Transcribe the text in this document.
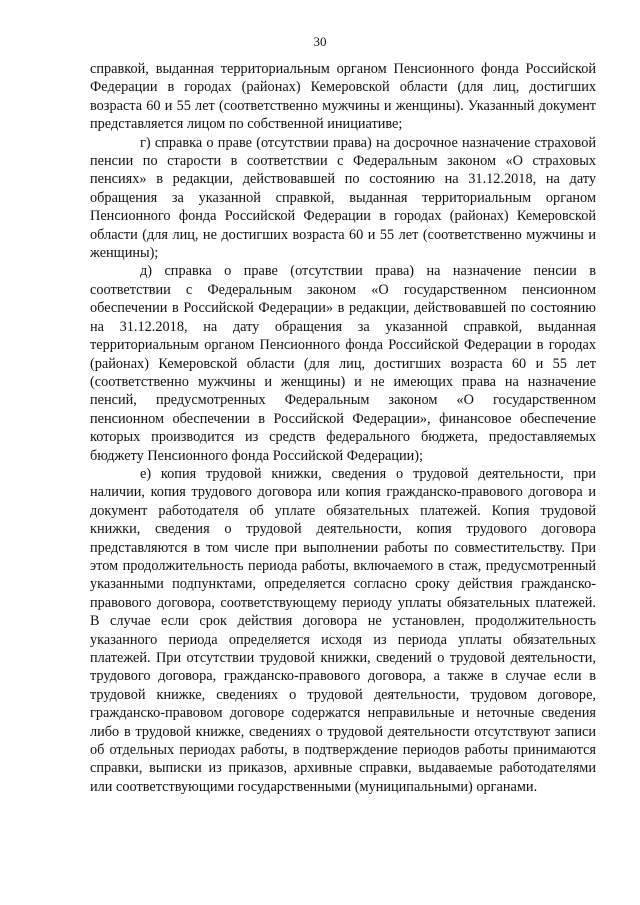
30

справкой, выданная территориальным органом Пенсионного фонда Российской Федерации в городах (районах) Кемеровской области (для лиц, достигших возраста 60 и 55 лет (соответственно мужчины и женщины). Указанный документ представляется лицом по собственной инициативе;

г) справка о праве (отсутствии права) на досрочное назначение страховой пенсии по старости в соответствии с Федеральным законом «О страховых пенсиях» в редакции, действовавшей по состоянию на 31.12.2018, на дату обращения за указанной справкой, выданная территориальным органом Пенсионного фонда Российской Федерации в городах (районах) Кемеровской области (для лиц, не достигших возраста 60 и 55 лет (соответственно мужчины и женщины);

д) справка о праве (отсутствии права) на назначение пенсии в соответствии с Федеральным законом «О государственном пенсионном обеспечении в Российской Федерации» в редакции, действовавшей по состоянию на 31.12.2018, на дату обращения за указанной справкой, выданная территориальным органом Пенсионного фонда Российской Федерации в городах (районах) Кемеровской области (для лиц, достигших возраста 60 и 55 лет (соответственно мужчины и женщины) и не имеющих права на назначение пенсий, предусмотренных Федеральным законом «О государственном пенсионном обеспечении в Российской Федерации», финансовое обеспечение которых производится из средств федерального бюджета, предоставляемых бюджету Пенсионного фонда Российской Федерации);

е) копия трудовой книжки, сведения о трудовой деятельности, при наличии, копия трудового договора или копия гражданско-правового договора и документ работодателя об уплате обязательных платежей. Копия трудовой книжки, сведения о трудовой деятельности, копия трудового договора представляются в том числе при выполнении работы по совместительству. При этом продолжительность периода работы, включаемого в стаж, предусмотренный указанными подпунктами, определяется согласно сроку действия гражданско-правового договора, соответствующему периоду уплаты обязательных платежей. В случае если срок действия договора не установлен, продолжительность указанного периода определяется исходя из периода уплаты обязательных платежей. При отсутствии трудовой книжки, сведений о трудовой деятельности, трудового договора, гражданско-правового договора, а также в случае если в трудовой книжке, сведениях о трудовой деятельности, трудовом договоре, гражданско-правовом договоре содержатся неправильные и неточные сведения либо в трудовой книжке, сведениях о трудовой деятельности отсутствуют записи об отдельных периодах работы, в подтверждение периодов работы принимаются справки, выписки из приказов, архивные справки, выдаваемые работодателями или соответствующими государственными (муниципальными) органами.
